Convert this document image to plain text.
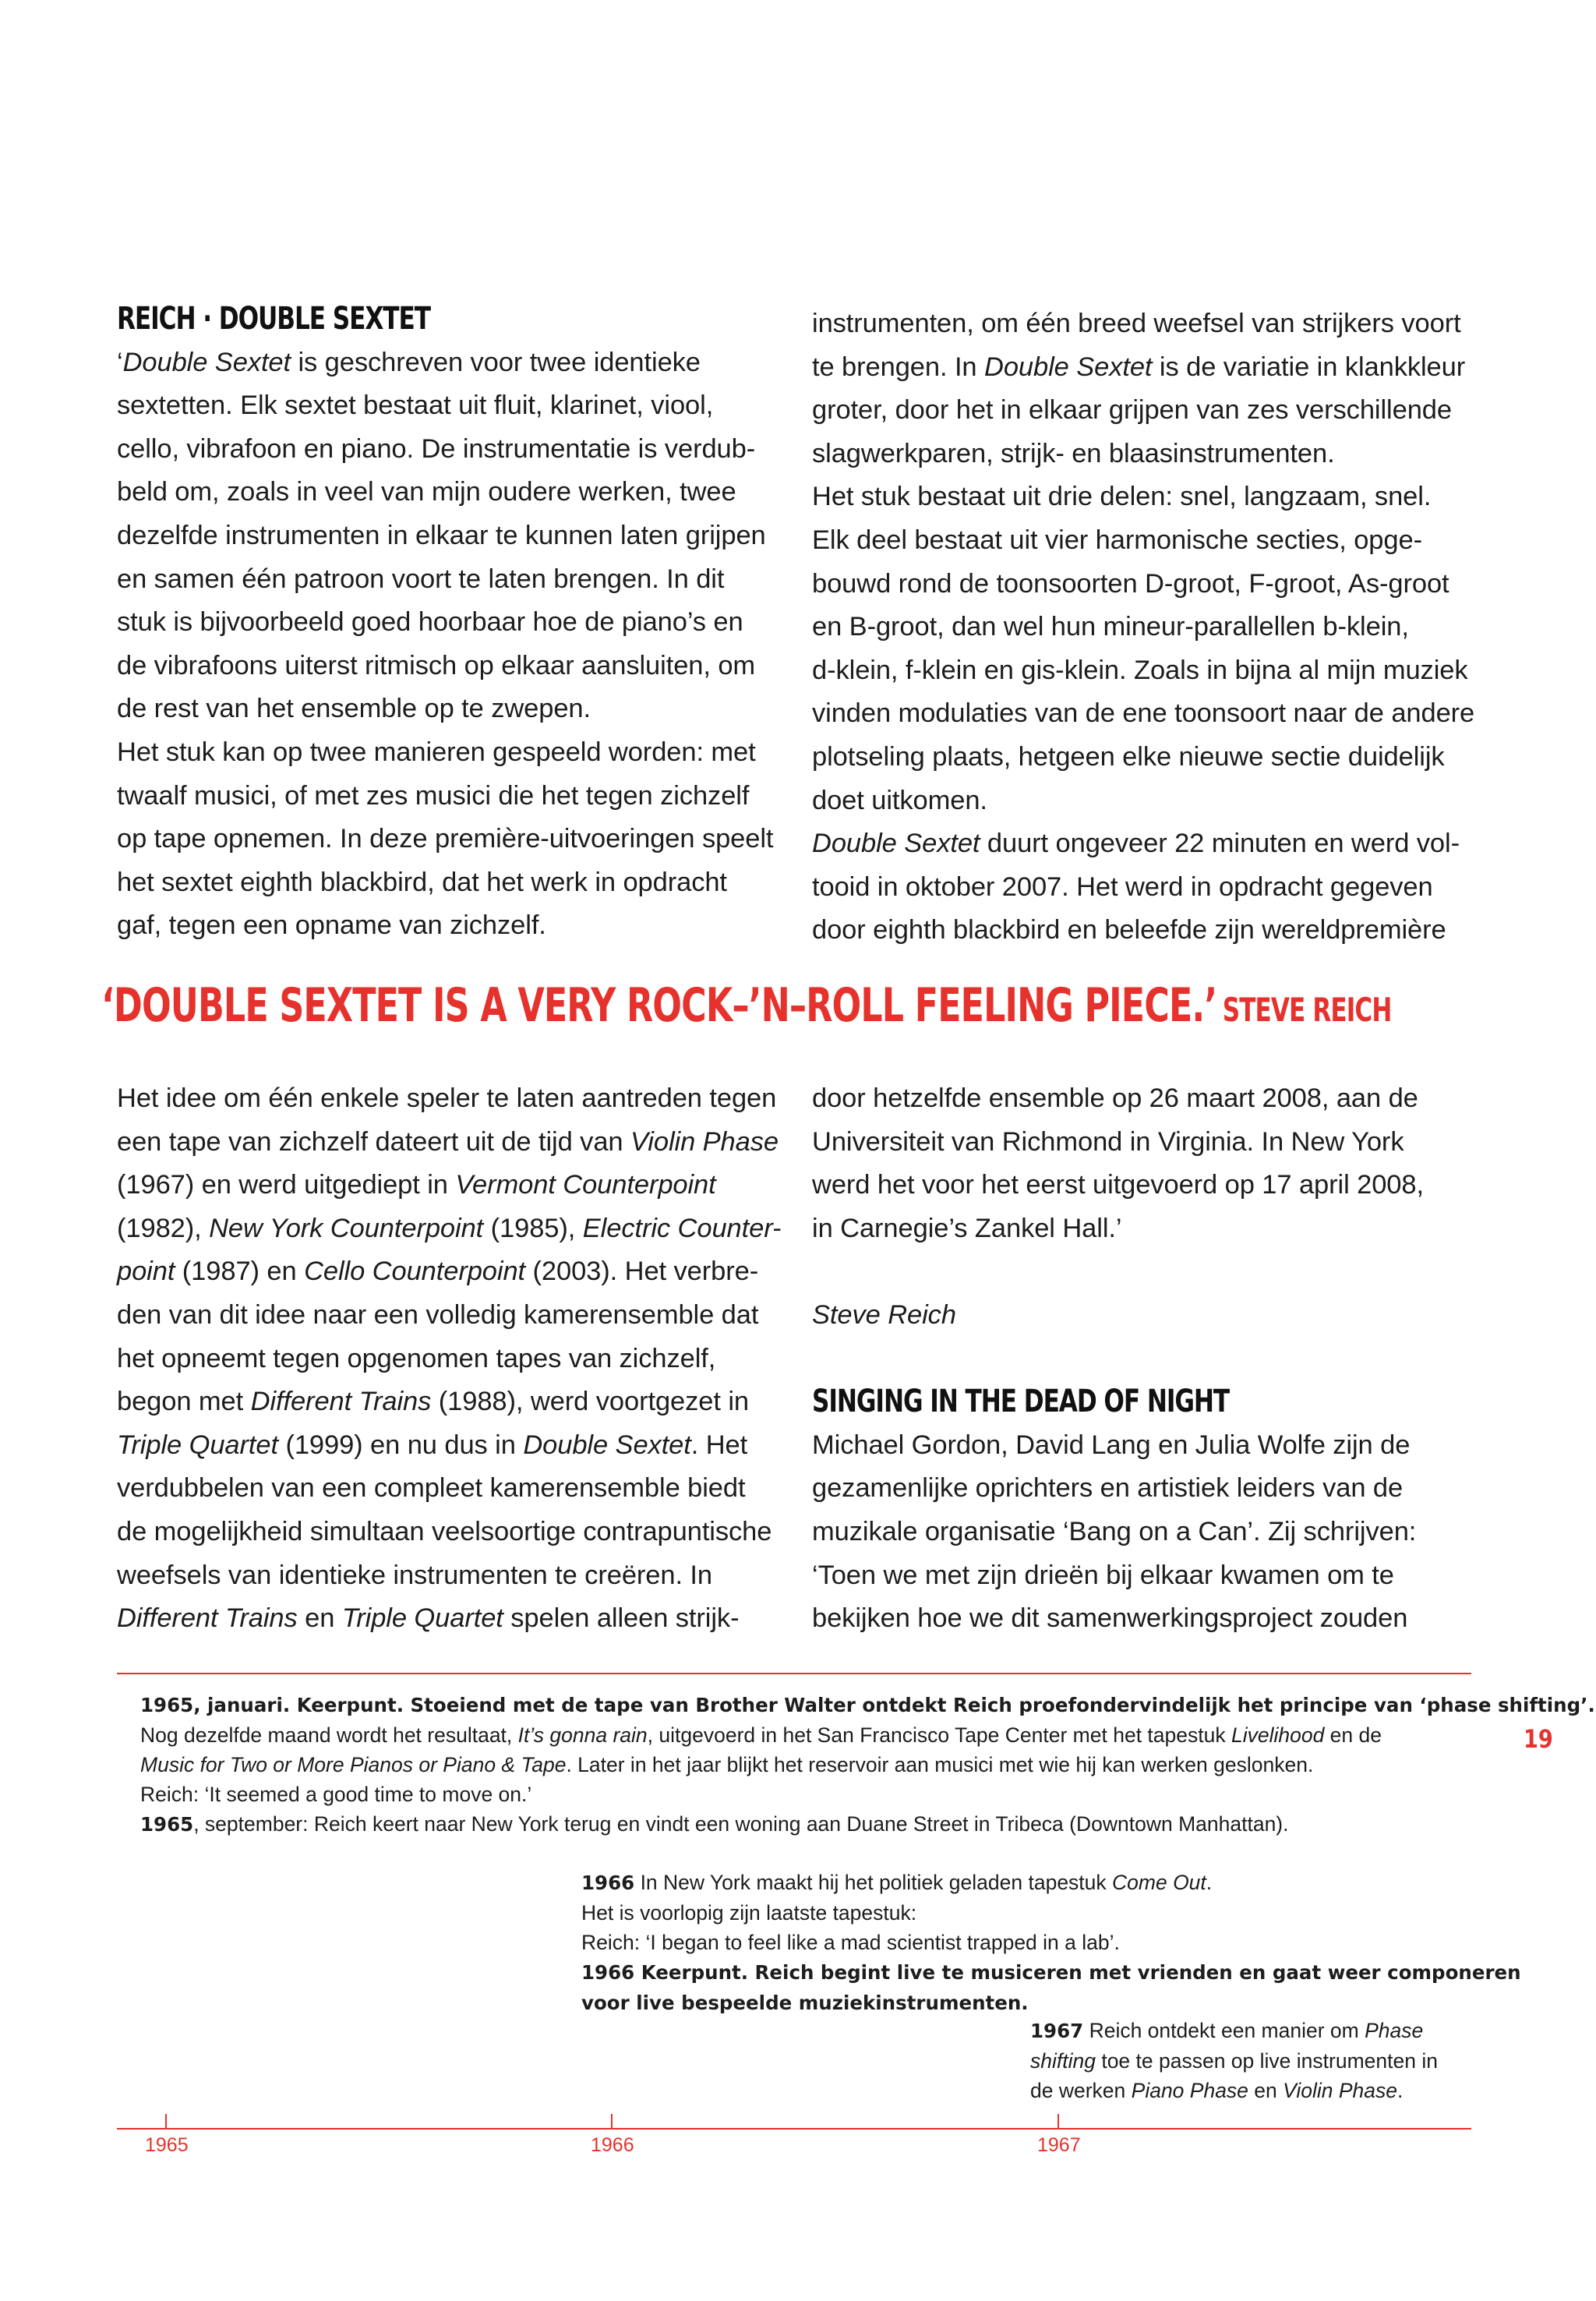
REICH · DOUBLE SEXTET
‘Double Sextet is geschreven voor twee identieke
sextetten. Elk sextet bestaat uit fluit, klarinet, viool,
cello, vibrafoon en piano. De instrumentatie is verdub-
beld om, zoals in veel van mijn oudere werken, twee
dezelfde instrumenten in elkaar te kunnen laten grijpen
en samen één patroon voort te laten brengen. In dit
stuk is bijvoorbeeld goed hoorbaar hoe de piano’s en
de vibrafoons uiterst ritmisch op elkaar aansluiten, om
de rest van het ensemble op te zwepen.
Het stuk kan op twee manieren gespeeld worden: met
twaalf musici, of met zes musici die het tegen zichzelf
op tape opnemen. In deze première-uitvoeringen speelt
het sextet eighth blackbird, dat het werk in opdracht
gaf, tegen een opname van zichzelf.
instrumenten, om één breed weefsel van strijkers voort
te brengen. In Double Sextet is de variatie in klankkleur
groter, door het in elkaar grijpen van zes verschillende
slagwerkparen, strijk- en blaasinstrumenten.
Het stuk bestaat uit drie delen: snel, langzaam, snel.
Elk deel bestaat uit vier harmonische secties, opge-
bouwd rond de toonsoorten D-groot, F-groot, As-groot
en B-groot, dan wel hun mineur-parallellen b-klein,
d-klein, f-klein en gis-klein. Zoals in bijna al mijn muziek
vinden modulaties van de ene toonsoort naar de andere
plotseling plaats, hetgeen elke nieuwe sectie duidelijk
doet uitkomen.
Double Sextet duurt ongeveer 22 minuten en werd vol-
tooid in oktober 2007. Het werd in opdracht gegeven
door eighth blackbird en beleefde zijn wereldpremière
‘DOUBLE SEXTET IS A VERY ROCK–’N–ROLL FEELING PIECE.’ STEVE REICH
Het idee om één enkele speler te laten aantreden tegen
een tape van zichzelf dateert uit de tijd van Violin Phase
(1967) en werd uitgediept in Vermont Counterpoint
(1982), New York Counterpoint (1985), Electric Counter-
point (1987) en Cello Counterpoint (2003). Het verbre-
den van dit idee naar een volledig kamerensemble dat
het opneemt tegen opgenomen tapes van zichzelf,
begon met Different Trains (1988), werd voortgezet in
Triple Quartet (1999) en nu dus in Double Sextet. Het
verdubbelen van een compleet kamerensemble biedt
de mogelijkheid simultaan veelsoortige contrapuntische
weefsels van identieke instrumenten te creëren. In
Different Trains en Triple Quartet spelen alleen strijk-
door hetzelfde ensemble op 26 maart 2008, aan de
Universiteit van Richmond in Virginia. In New York
werd het voor het eerst uitgevoerd op 17 april 2008,
in Carnegie’s Zankel Hall.’
Steve Reich
SINGING IN THE DEAD OF NIGHT
Michael Gordon, David Lang en Julia Wolfe zijn de
gezamenlijke oprichters en artistiek leiders van de
muzikale organisatie ‘Bang on a Can’. Zij schrijven:
‘Toen we met zijn drieën bij elkaar kwamen om te
bekijken hoe we dit samenwerkingsproject zouden
1965, januari. Keerpunt. Stoeiend met de tape van Brother Walter ontdekt Reich proefondervindelijk het principe van ‘phase shifting’.
Nog dezelfde maand wordt het resultaat, It’s gonna rain, uitgevoerd in het San Francisco Tape Center met het tapestuk Livelihood en de
Music for Two or More Pianos or Piano & Tape. Later in het jaar blijkt het reservoir aan musici met wie hij kan werken geslonken.
Reich: ‘It seemed a good time to move on.’
1965, september: Reich keert naar New York terug en vindt een woning aan Duane Street in Tribeca (Downtown Manhattan).
1966 In New York maakt hij het politiek geladen tapestuk Come Out.
Het is voorlopig zijn laatste tapestuk:
Reich: ‘I began to feel like a mad scientist trapped in a lab’.
1966 Keerpunt. Reich begint live te musiceren met vrienden en gaat weer componeren
voor live bespeelde muziekinstrumenten.
1967 Reich ontdekt een manier om Phase
shifting toe te passen op live instrumenten in
de werken Piano Phase en Violin Phase.
1965	1966	1967
19
